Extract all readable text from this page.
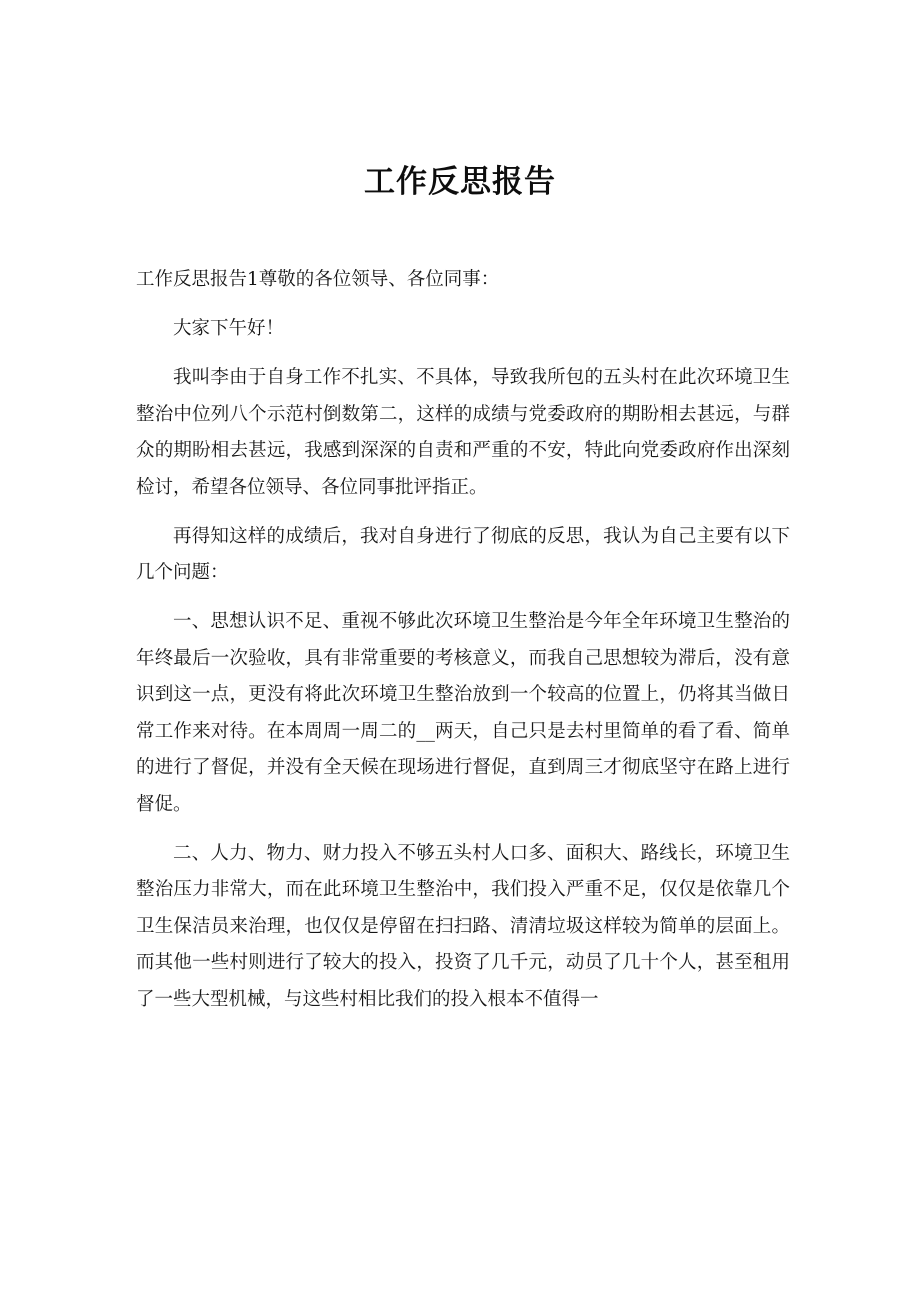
工作反思报告

工作反思报告1尊敬的各位领导、各位同事：

大家下午好！

我叫李由于自身工作不扎实、不具体，导致我所包的五头村在此次环境卫生整治中位列八个示范村倒数第二，这样的成绩与党委政府的期盼相去甚远，与群众的期盼相去甚远，我感到深深的自责和严重的不安，特此向党委政府作出深刻检讨，希望各位领导、各位同事批评指正。

再得知这样的成绩后，我对自身进行了彻底的反思，我认为自己主要有以下几个问题：

一、思想认识不足、重视不够此次环境卫生整治是今年全年环境卫生整治的年终最后一次验收，具有非常重要的考核意义，而我自己思想较为滞后，没有意识到这一点，更没有将此次环境卫生整治放到一个较高的位置上，仍将其当做日常工作来对待。在本周周一周二的__两天，自己只是去村里简单的看了看、简单的进行了督促，并没有全天候在现场进行督促，直到周三才彻底坚守在路上进行督促。

二、人力、物力、财力投入不够五头村人口多、面积大、路线长，环境卫生整治压力非常大，而在此环境卫生整治中，我们投入严重不足，仅仅是依靠几个卫生保洁员来治理，也仅仅是停留在扫扫路、清清垃圾这样较为简单的层面上。而其他一些村则进行了较大的投入，投资了几千元，动员了几十个人，甚至租用了一些大型机械，与这些村相比我们的投入根本不值得一
